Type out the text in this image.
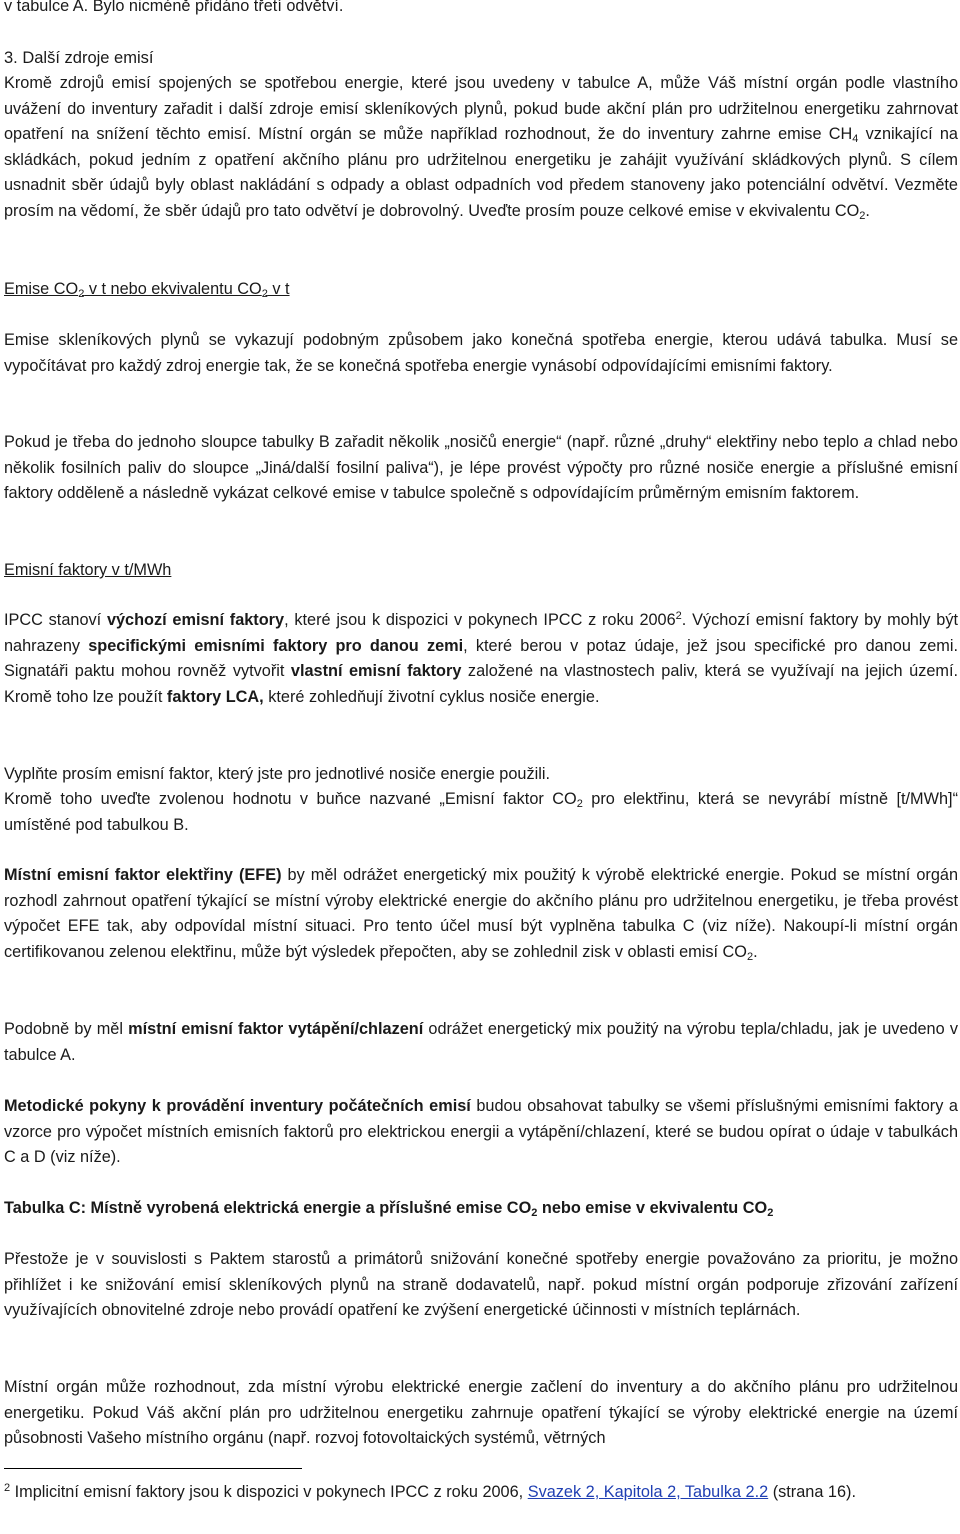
v tabulce A. Bylo nicméně přidáno třetí odvětví.

3. Další zdroje emisí

Kromě zdrojů emisí spojených se spotřebou energie, které jsou uvedeny v tabulce A, může Váš místní orgán podle vlastního uvážení do inventury zařadit i další zdroje emisí skleníkových plynů, pokud bude akční plán pro udržitelnou energetiku zahrnovat opatření na snížení těchto emisí. Místní orgán se může například rozhodnout, že do inventury zahrne emise $CH_4$ vznikající na skládkách, pokud jedním z opatření akčního plánu pro udržitelnou energetiku je zahájit využívání skládkových plynů. S cílem usnadnit sběr údajů byly oblast nakládání s odpady a oblast odpadních vod předem stanoveny jako potenciální odvětví. Vezměte prosím na vědomí, že sběr údajů pro tato odvětví je dobrovolný. Uveďte prosím pouze celkové emise v ekvivalentu $CO_2$.

Emise $CO_2$ v t nebo ekvivalentu $CO_2$ v t

Emise skleníkových plynů se vykazují podobným způsobem jako konečná spotřeba energie, kterou udává tabulka. Musí se vypočítávat pro každý zdroj energie tak, že se konečná spotřeba energie vynásobí odpovídajícími emisními faktory.

Pokud je třeba do jednoho sloupce tabulky B zařadit několik „nosičů energie“ (např. různé „druhy“ elektřiny nebo teplo a chlad nebo několik fosilních paliv do sloupce „Jiná/další fosilní paliva“), je lépe provést výpočty pro různé nosiče energie a příslušné emisní faktory odděleně a následně vykázat celkové emise v tabulce společně s odpovídajícím průměrným emisním faktorem.

Emisní faktory v t/MWh

IPCC stanoví výchozí emisní faktory, které jsou k dispozici v pokynech IPCC z roku 2006$^2$. Výchozí emisní faktory by mohly být nahrazeny specifickými emisními faktory pro danou zemi, které berou v potaz údaje, jež jsou specifické pro danou zemi. Signatáři paktu mohou rovněž vytvořit vlastní emisní faktory založené na vlastnostech paliv, která se využívají na jejich území. Kromě toho lze použít faktory LCA, které zohledňují životní cyklus nosiče energie.

Vyplňte prosím emisní faktor, který jste pro jednotlivé nosiče energie použili.

Kromě toho uveďte zvolenou hodnotu v buňce nazvané „Emisní faktor $CO_2$ pro elektřinu, která se nevyrábí místně [t/MWh]“ umístěné pod tabulkou B.

Místní emisní faktor elektřiny (EFE) by měl odrážet energetický mix použitý k výrobě elektrické energie. Pokud se místní orgán rozhodl zahrnout opatření týkající se místní výroby elektrické energie do akčního plánu pro udržitelnou energetiku, je třeba provést výpočet EFE tak, aby odpovídal místní situaci. Pro tento účel musí být vyplněna tabulka C (viz níže). Nakoupí-li místní orgán certifikovanou zelenou elektřinu, může být výsledek přepočten, aby se zohlednil zisk v oblasti emisí $CO_2$.

Podobně by měl místní emisní faktor vytápění/chlazení odrážet energetický mix použitý na výrobu tepla/chladu, jak je uvedeno v tabulce A.

Metodické pokyny k provádění inventury počátečních emisí budou obsahovat tabulky se všemi příslušnými emisními faktory a vzorce pro výpočet místních emisních faktorů pro elektrickou energii a vytápění/chlazení, které se budou opírat o údaje v tabulkách C a D (viz níže).

Tabulka C: Místně vyrobená elektrická energie a příslušné emise $CO_2$ nebo emise v ekvivalentu $CO_2$

Přestože je v souvislosti s Paktem starostů a primátorů snižování konečné spotřeby energie považováno za prioritu, je možno přihlížet i ke snižování emisí skleníkových plynů na straně dodavatelů, např. pokud místní orgán podporuje zřizování zařízení využívajících obnovitelné zdroje nebo provádí opatření ke zvýšení energetické účinnosti v místních teplárnách.

Místní orgán může rozhodnout, zda místní výrobu elektrické energie začlení do inventury a do akčního plánu pro udržitelnou energetiku. Pokud Váš akční plán pro udržitelnou energetiku zahrnuje opatření týkající se výroby elektrické energie na území působnosti Vašeho místního orgánu (např. rozvoj fotovoltaických systémů, větrných

$^2$ Implicitní emisní faktory jsou k dispozici v pokynech IPCC z roku 2006, Svazek 2, Kapitola 2, Tabulka 2.2 (strana 16).
